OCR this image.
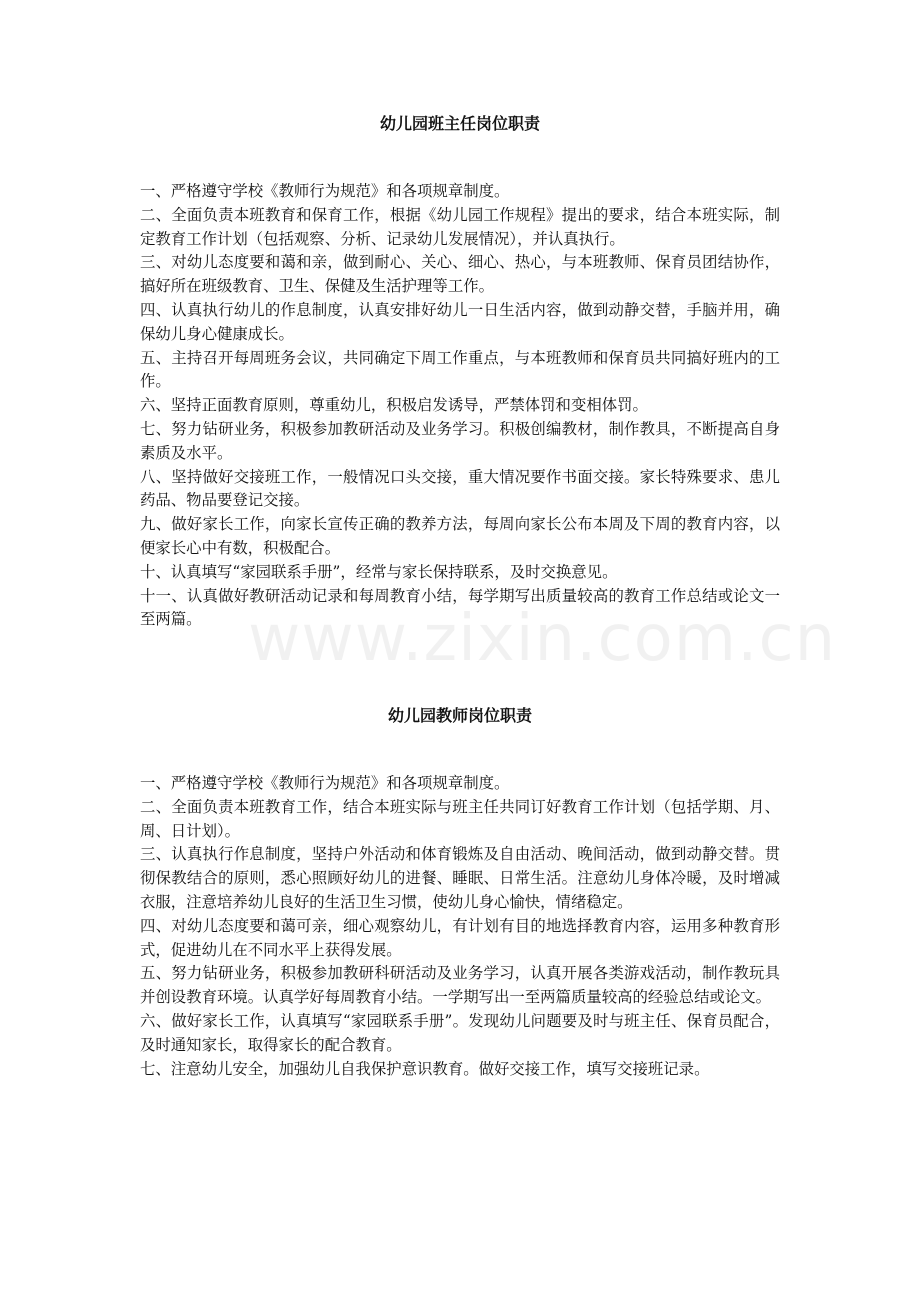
www.zixin.com.cn
幼儿园班主任岗位职责

一、严格遵守学校《教师行为规范》和各项规章制度。

二、全面负责本班教育和保育工作，根据《幼儿园工作规程》提出的要求，结合本班实际，制定教育工作计划（包括观察、分析、记录幼儿发展情况），并认真执行。

三、对幼儿态度要和蔼和亲，做到耐心、关心、细心、热心，与本班教师、保育员团结协作，搞好所在班级教育、卫生、保健及生活护理等工作。

四、认真执行幼儿的作息制度，认真安排好幼儿一日生活内容，做到动静交替，手脑并用，确保幼儿身心健康成长。

五、主持召开每周班务会议，共同确定下周工作重点，与本班教师和保育员共同搞好班内的工作。

六、坚持正面教育原则，尊重幼儿，积极启发诱导，严禁体罚和变相体罚。

七、努力钻研业务，积极参加教研活动及业务学习。积极创编教材，制作教具，不断提高自身素质及水平。

八、坚持做好交接班工作，一般情况口头交接，重大情况要作书面交接。家长特殊要求、患儿药品、物品要登记交接。

九、做好家长工作，向家长宣传正确的教养方法，每周向家长公布本周及下周的教育内容，以便家长心中有数，积极配合。

十、认真填写“家园联系手册”，经常与家长保持联系，及时交换意见。

十一、认真做好教研活动记录和每周教育小结，每学期写出质量较高的教育工作总结或论文一至两篇。

幼儿园教师岗位职责

一、严格遵守学校《教师行为规范》和各项规章制度。

二、全面负责本班教育工作，结合本班实际与班主任共同订好教育工作计划（包括学期、月、周、日计划）。

三、认真执行作息制度，坚持户外活动和体育锻炼及自由活动、晚间活动，做到动静交替。贯彻保教结合的原则，悉心照顾好幼儿的进餐、睡眠、日常生活。注意幼儿身体冷暖，及时增减衣服，注意培养幼儿良好的生活卫生习惯，使幼儿身心愉快，情绪稳定。

四、对幼儿态度要和蔼可亲，细心观察幼儿，有计划有目的地选择教育内容，运用多种教育形式，促进幼儿在不同水平上获得发展。

五、努力钻研业务，积极参加教研科研活动及业务学习，认真开展各类游戏活动，制作教玩具并创设教育环境。认真学好每周教育小结。一学期写出一至两篇质量较高的经验总结或论文。

六、做好家长工作，认真填写“家园联系手册”。发现幼儿问题要及时与班主任、保育员配合，及时通知家长，取得家长的配合教育。

七、注意幼儿安全，加强幼儿自我保护意识教育。做好交接工作，填写交接班记录。
